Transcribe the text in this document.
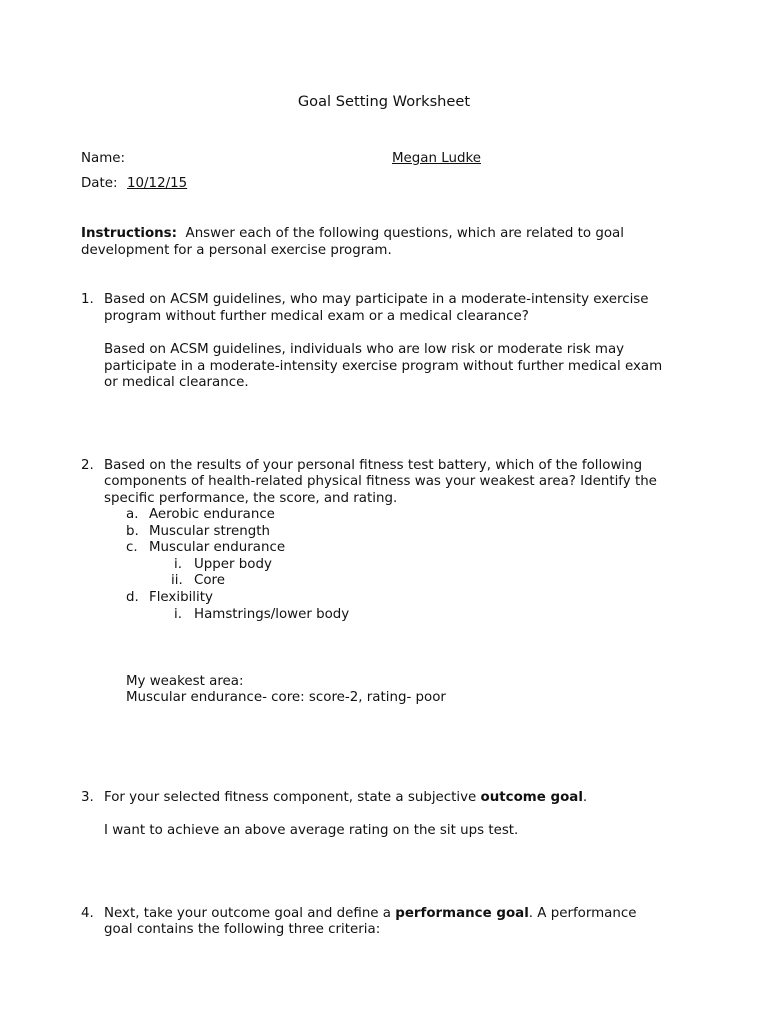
Goal Setting Worksheet
Name:	Megan Ludke
Date: 10/12/15
Instructions: Answer each of the following questions, which are related to goal
development for a personal exercise program.
1. Based on ACSM guidelines, who may participate in a moderate-intensity exercise
program without further medical exam or a medical clearance?
Based on ACSM guidelines, individuals who are low risk or moderate risk may
participate in a moderate-intensity exercise program without further medical exam
or medical clearance.
2. Based on the results of your personal fitness test battery, which of the following
components of health-related physical fitness was your weakest area? Identify the
specific performance, the score, and rating.
a. Aerobic endurance
b. Muscular strength
c. Muscular endurance
i. Upper body
ii. Core
d. Flexibility
i. Hamstrings/lower body
My weakest area:
Muscular endurance- core: score-2, rating- poor
3. For your selected fitness component, state a subjective outcome goal.
I want to achieve an above average rating on the sit ups test.
4. Next, take your outcome goal and define a performance goal. A performance
goal contains the following three criteria:
